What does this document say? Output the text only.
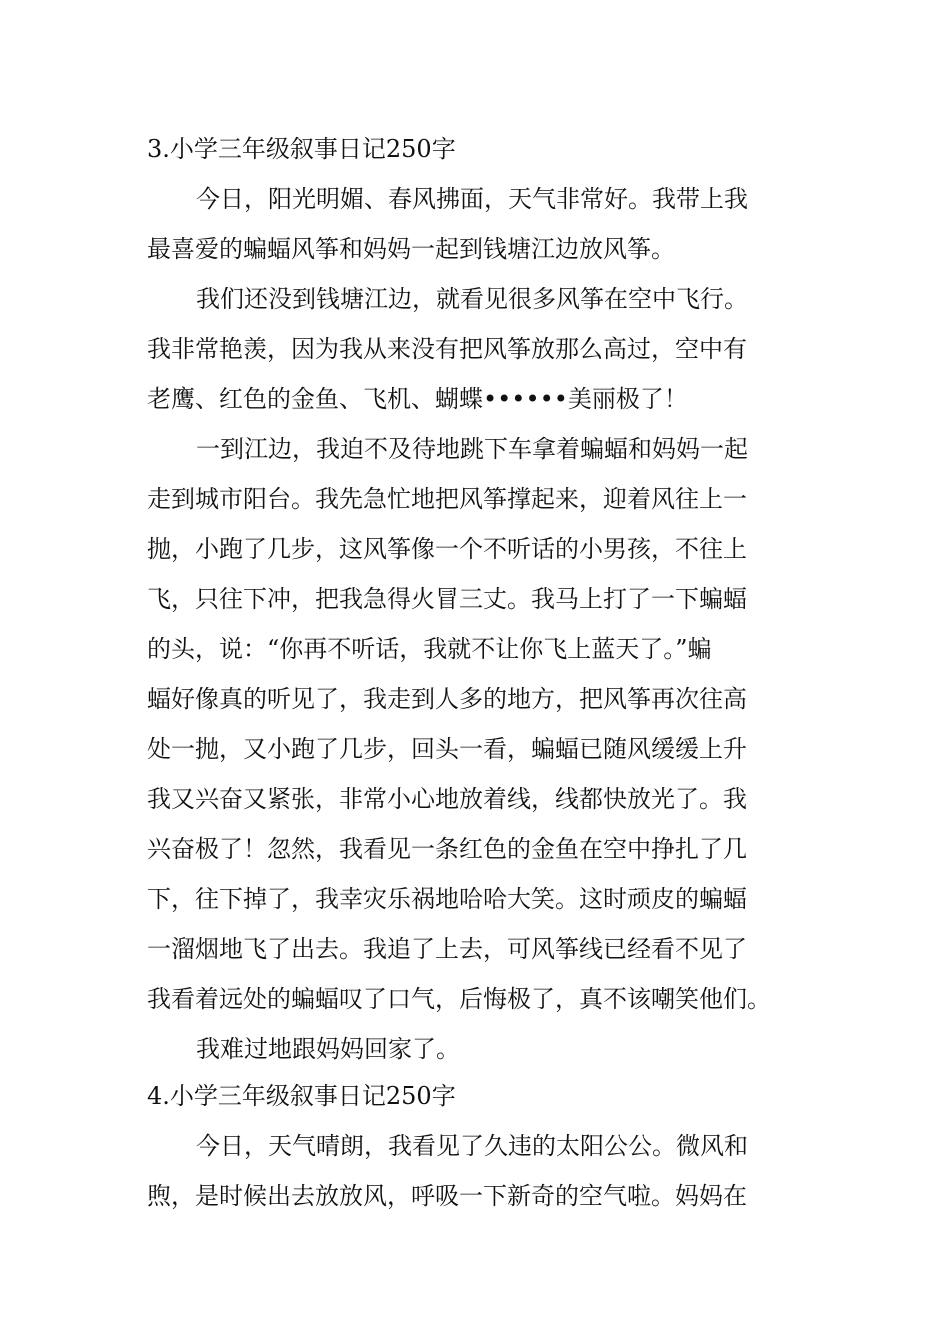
3.小学三年级叙事日记250字
今日，阳光明媚、春风拂面，天气非常好。我带上我
最喜爱的蝙蝠风筝和妈妈一起到钱塘江边放风筝。
我们还没到钱塘江边，就看见很多风筝在空中飞行。
我非常艳羡，因为我从来没有把风筝放那么高过，空中有
老鹰、红色的金鱼、飞机、蝴蝶••••••美丽极了！
一到江边，我迫不及待地跳下车拿着蝙蝠和妈妈一起
走到城市阳台。我先急忙地把风筝撑起来，迎着风往上一
抛，小跑了几步，这风筝像一个不听话的小男孩，不往上
飞，只往下冲，把我急得火冒三丈。我马上打了一下蝙蝠
的头，说：“你再不听话，我就不让你飞上蓝天了。”蝙
蝠好像真的听见了，我走到人多的地方，把风筝再次往高
处一抛，又小跑了几步，回头一看，蝙蝠已随风缓缓上升
我又兴奋又紧张，非常小心地放着线，线都快放光了。我
兴奋极了！忽然，我看见一条红色的金鱼在空中挣扎了几
下，往下掉了，我幸灾乐祸地哈哈大笑。这时顽皮的蝙蝠
一溜烟地飞了出去。我追了上去，可风筝线已经看不见了
我看着远处的蝙蝠叹了口气，后悔极了，真不该嘲笑他们。
我难过地跟妈妈回家了。
4.小学三年级叙事日记250字
今日，天气晴朗，我看见了久违的太阳公公。微风和
煦，是时候出去放放风，呼吸一下新奇的空气啦。妈妈在
